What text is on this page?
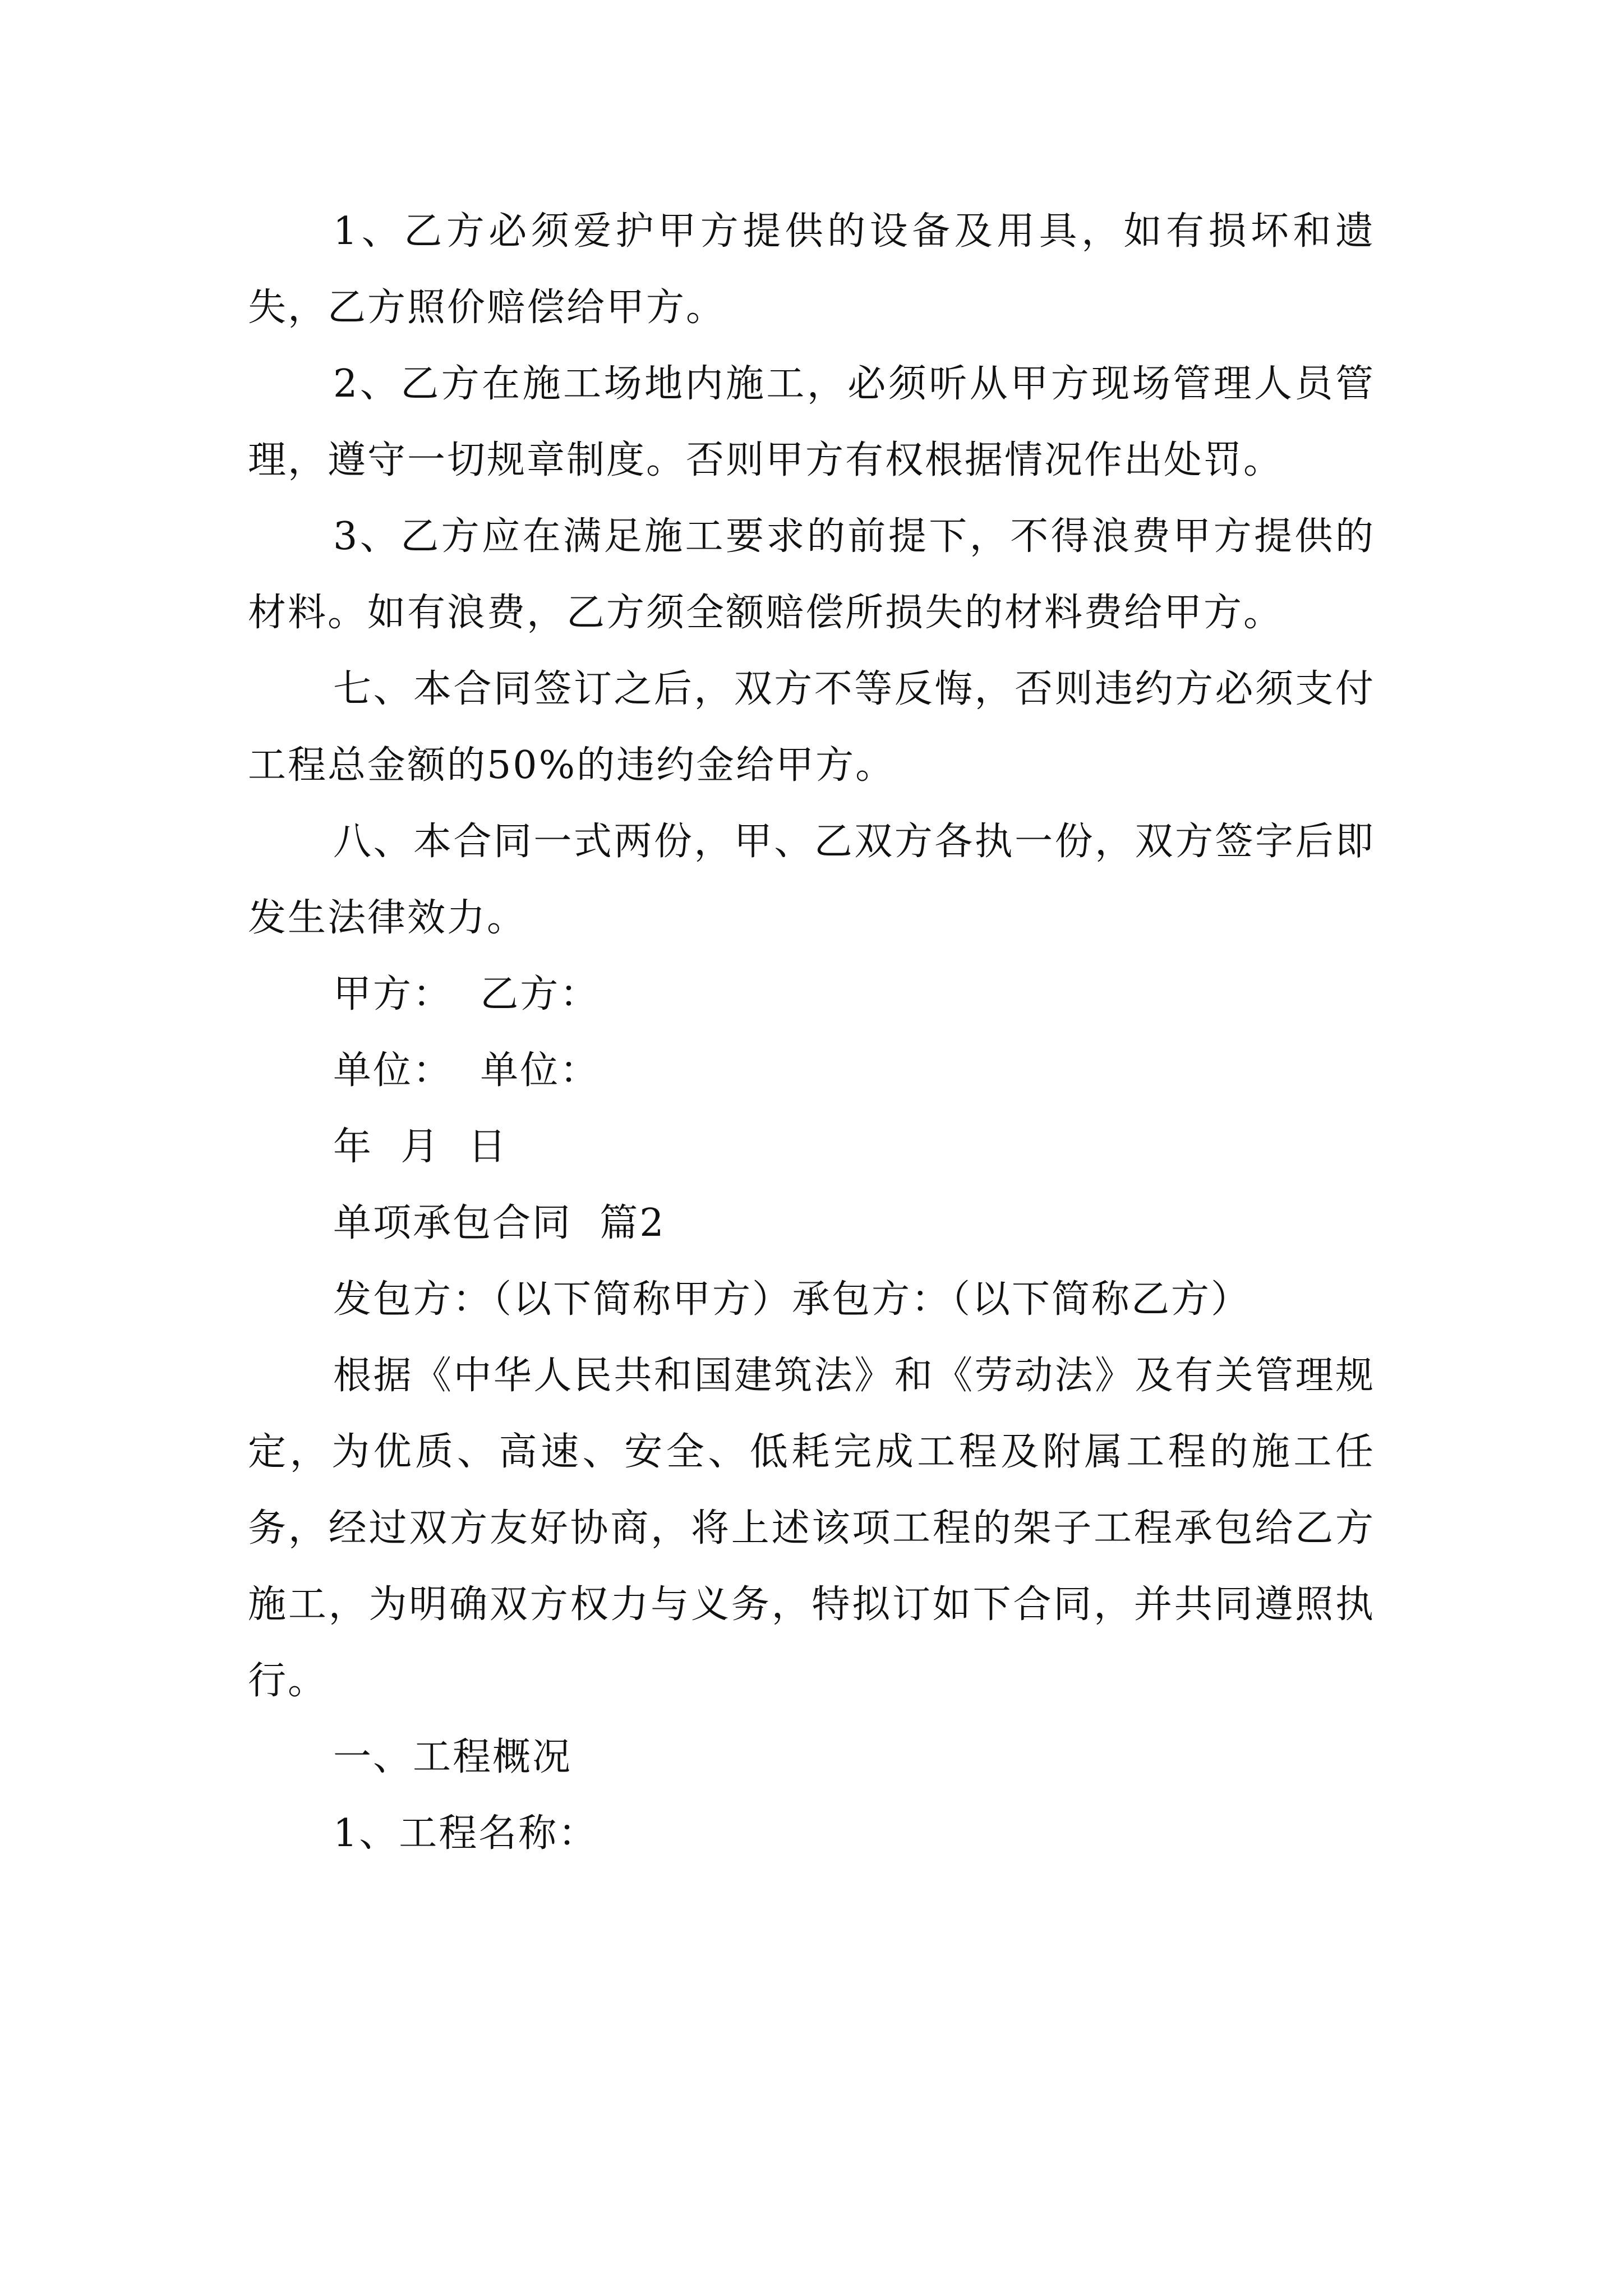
1、乙方必须爱护甲方提供的设备及用具，如有损坏和遗失，乙方照价赔偿给甲方。

2、乙方在施工场地内施工，必须听从甲方现场管理人员管理，遵守一切规章制度。否则甲方有权根据情况作出处罚。

3、乙方应在满足施工要求的前提下，不得浪费甲方提供的材料。如有浪费，乙方须全额赔偿所损失的材料费给甲方。

七、本合同签订之后，双方不等反悔，否则违约方必须支付工程总金额的50%的违约金给甲方。

八、本合同一式两份，甲、乙双方各执一份，双方签字后即发生法律效力。

甲方：  乙方：

单位：  单位：

年  月  日

单项承包合同  篇2

发包方：（以下简称甲方）承包方：（以下简称乙方）

根据《中华人民共和国建筑法》和《劳动法》及有关管理规定，为优质、高速、安全、低耗完成工程及附属工程的施工任务，经过双方友好协商，将上述该项工程的架子工程承包给乙方施工，为明确双方权力与义务，特拟订如下合同，并共同遵照执行。

一、工程概况

1、工程名称：
